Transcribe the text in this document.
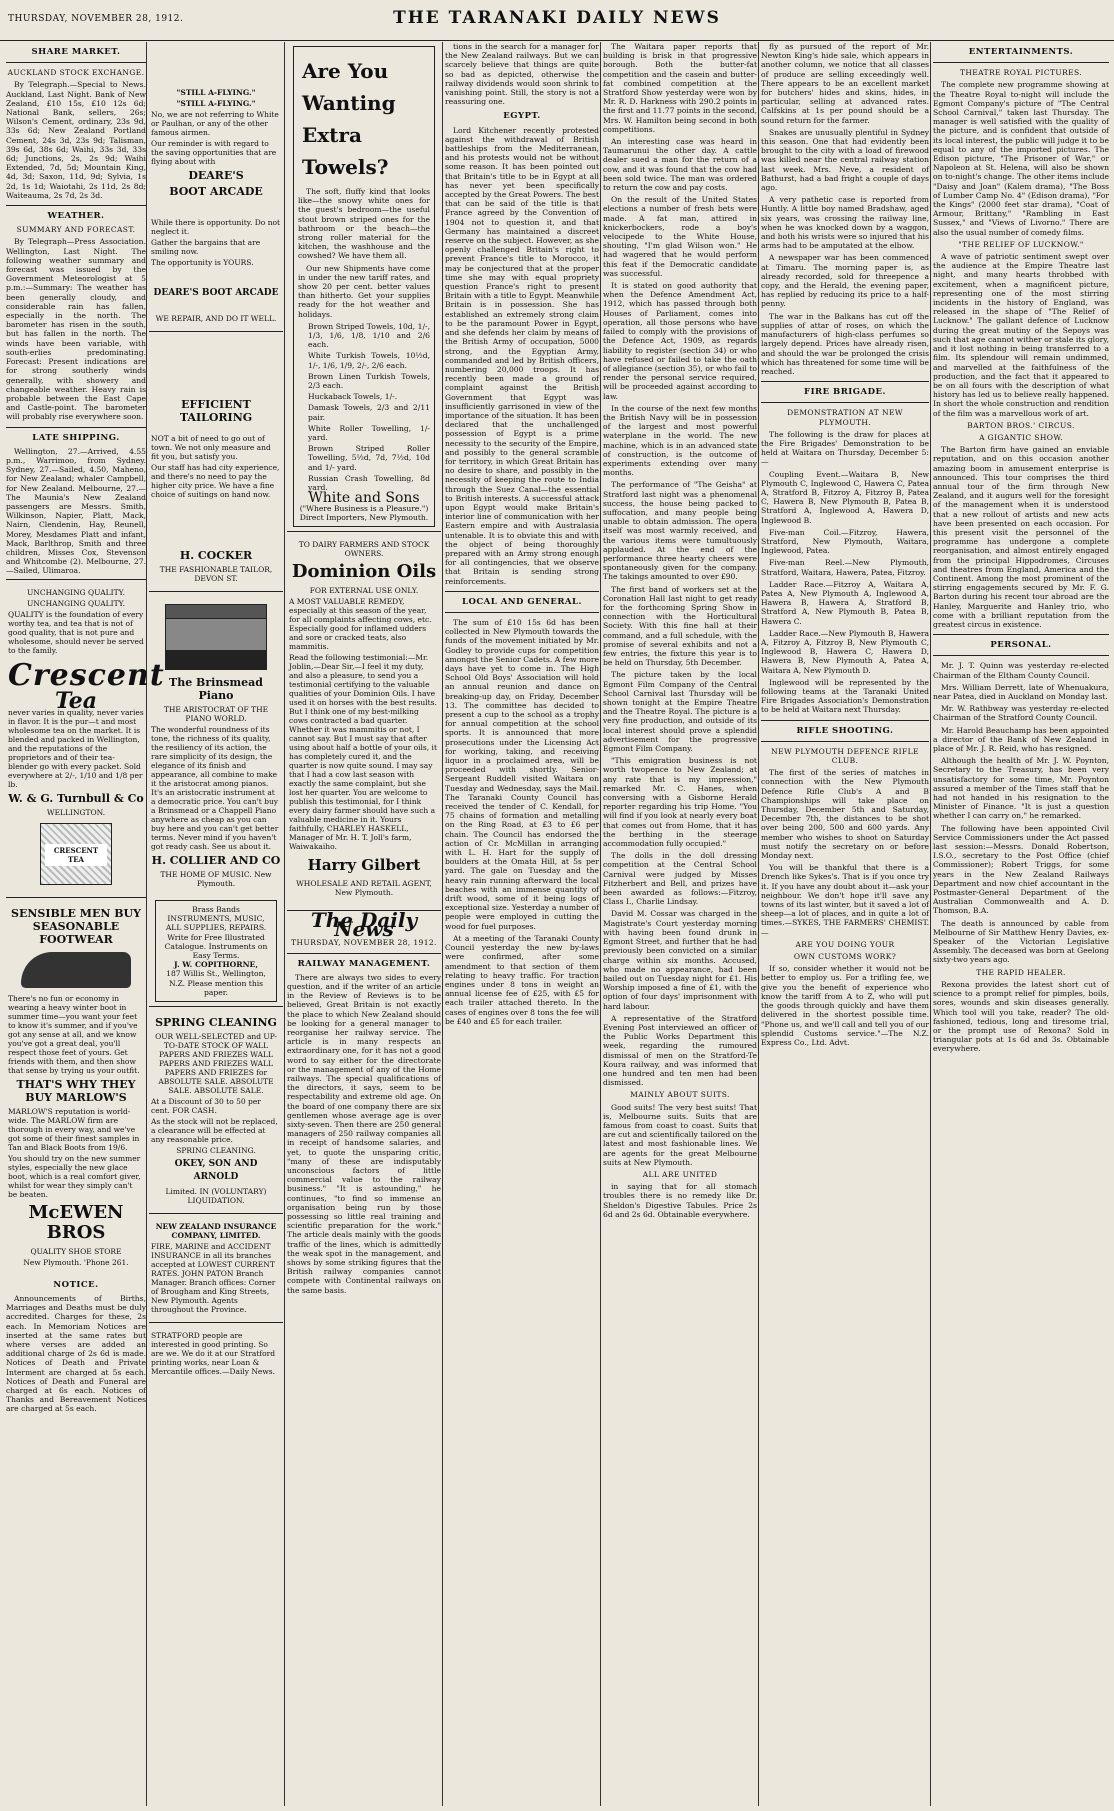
THURSDAY, NOVEMBER 28, 1912.	THE TARANAKI DAILY NEWS
SHARE MARKET.
AUCKLAND STOCK EXCHANGE.

By Telegraph.—Special to News. Auckland, Last Night. Bank of New Zealand, £10 15s, £10 12s 6d; National Bank, sellers, 26s; Wilson's Cement, ordinary, 23s 9d, 33s 6d; New Zealand Portland Cement, 24s 3d, 23s 9d; Talisman, 39s 6d, 38s 6d; Waihi, 33s 3d, 33s 6d; Junctions, 2s, 2s 9d; Waihi Extended, 7d, 5d; Mountain King, 4d, 3d; Saxon, 11d, 9d; Sylvia, 1s 2d, 1s 1d; Waiotahi, 2s 11d, 2s 8d; Waiteauma, 2s 7d, 2s 3d.

WEATHER.
SUMMARY AND FORECAST.

By Telegraph—Press Association. Wellington, Last Night. The following weather summary and forecast was issued by the Government Meteorologist at 5 p.m.:—Summary: The weather has been generally cloudy, and considerable rain has fallen, especially in the north. The barometer has risen in the south, but has fallen in the north. The winds have been variable, with south-erlies predominating. Forecast: Present indications are for strong southerly winds generally, with showery and changeable weather. Heavy rain is probable between the East Cape and Castle-point. The barometer will probably rise everywhere soon.

LATE SHIPPING.

Wellington, 27.—Arrived, 4.55 p.m., Warrimoo, from Sydney. Sydney, 27.—Sailed, 4.50, Maheno, for New Zealand; whaler Campbell, for New Zealand. Melbourne, 27.—The Maunia's New Zealand passengers are Messrs. Smith, Wilkinson, Napier, Platt, Mack, Nairn, Clendenin, Hay, Reunell, Morey, Mesdames Platt and infant, Mack, Barlthrop, Smith and three children, Misses Cox, Stevenson and Whitcombe (2). Melbourne, 27.—Sailed, Ulimaroa.

UNCHANGING QUALITY.
UNCHANGING QUALITY.
QUALITY is the foundation of every worthy tea, and tea that is not of good quality, that is not pure and wholesome, should never be served to the family.
Crescent
Tea
never varies in quality, never varies in flavor. It is the pur—t and most wholesome tea on the market. It is blended and packed in Wellington, and the reputations of the proprietors and of their tea-blender go with every packet. Sold everywhere at 2/-, 1/10 and 1/8 per lb.
W. & G. Turnbull & Co
WELLINGTON.
CRESCENT TEA
SENSIBLE MEN BUY SEASONABLE FOOTWEAR
There's no fun or economy in wearing a heavy winter boot in summer time—you want your feet to know it's summer, and if you've got any sense at all, and we know you've got a great deal, you'll respect those feet of yours. Get friends with them, and then show that sense by trying us your outfit.
THAT'S WHY THEY BUY MARLOW'S
MARLOW'S reputation is world-wide. The MARLOW firm are thorough in every way, and we've got some of their finest samples in Tan and Black Boots from 19/6.
You should try on the new summer styles, especially the new glace boot, which is a real comfort giver, whilst for wear they simply can't be beaten.
McEWEN BROS
QUALITY SHOE STORE
New Plymouth. 'Phone 261.
NOTICE.

Announcements of Births, Marriages and Deaths must be duly accredited. Charges for these, 2s each. In Memoriam Notices are inserted at the same rates but where verses are added an additional charge of 2s 6d is made. Notices of Death and Private Interment are charged at 5s each. Notices of Death and Funeral are charged at 6s each. Notices of Thanks and Bereavement Notices are charged at 5s each.

"STILL A-FLYING."
"STILL A-FLYING."
No, we are not referring to White or Paulhan, or any of the other famous airmen.
Our reminder is with regard to the saving opportunities that are flying about with
DEARE'S
BOOT ARCADE
While there is opportunity. Do not neglect it.
Gather the bargains that are smiling now.
The opportunity is YOURS.
DEARE'S BOOT ARCADE
WE REPAIR, AND DO IT WELL.
EFFICIENT TAILORING
NOT a bit of need to go out of town. We not only measure and fit you, but satisfy you.
Our staff has had city experience, and there's no need to pay the higher city price. We have a fine choice of suitings on hand now.
H. COCKER
THE FASHIONABLE TAILOR, DEVON ST.
The Brinsmead Piano
THE ARISTOCRAT OF THE PIANO WORLD.
The wonderful roundness of its tone, the richness of its quality, the resiliency of its action, the rare simplicity of its design, the elegance of its finish and appearance, all combine to make it the aristocrat among pianos. It's an aristocratic instrument at a democratic price. You can't buy a Brinsmead or a Chappell Piano anywhere as cheap as you can buy here and you can't get better terms. Never mind if you haven't got ready cash. See us about it.
H. COLLIER AND CO
THE HOME OF MUSIC. New Plymouth.
Brass Bands
INSTRUMENTS, MUSIC, ALL SUPPLIES, REPAIRS. Write for Free Illustrated Catalogue. Instruments on Easy Terms.
J. W. COPITHORNE,
187 Willis St., Wellington, N.Z. Please mention this paper.
SPRING CLEANING
OUR WELL-SELECTED and UP-TO-DATE STOCK OF WALL PAPERS AND FRIEZES WALL PAPERS AND FRIEZES WALL PAPERS AND FRIEZES for ABSOLUTE SALE. ABSOLUTE SALE. ABSOLUTE SALE.
At a Discount of 30 to 50 per cent. FOR CASH.
As the stock will not be replaced, a clearance will be effected at any reasonable price.
SPRING CLEANING.
OKEY, SON AND ARNOLD
Limited. IN (VOLUNTARY) LIQUIDATION.
NEW ZEALAND INSURANCE COMPANY, LIMITED.
FIRE, MARINE and ACCIDENT INSURANCE in all its branches accepted at LOWEST CURRENT RATES. JOHN PATON Branch Manager. Branch offices: Corner of Brougham and King Streets, New Plymouth. Agents throughout the Province.
STRATFORD people are interested in good printing. So are we. We do it at our Stratford printing works, near Loan & Mercantile offices.—Daily News.
Are You
Wanting
Extra
Towels?

The soft, fluffy kind that looks like—the snowy white ones for the guest's bedroom—the useful stout brown striped ones for the bathroom or the beach—the strong roller material for the kitchen, the washhouse and the cowshed? We have them all.

Our new Shipments have come in under the new tariff rates, and show 20 per cent. better values than hitherto. Get your supplies ready for the hot weather and holidays.

Brown Striped Towels, 10d, 1/-, 1/3, 1/6, 1/8, 1/10 and 2/6 each.

White Turkish Towels, 10½d, 1/-, 1/6, 1/9, 2/-, 2/6 each.

Brown Linen Turkish Towels, 2/3 each.

Huckaback Towels, 1/-.

Damask Towels, 2/3 and 2/11 pair.

White Roller Towelling, 1/-yard.

Brown Striped Roller Towelling, 5½d, 7d, 7½d, 10d and 1/- yard.

Russian Crash Towelling, 8d yard.

White and Sons
("Where Business is a Pleasure.")
Direct Importers, New Plymouth.
TO DAIRY FARMERS AND STOCK OWNERS.
Dominion Oils
FOR EXTERNAL USE ONLY.
A MOST VALUABLE REMEDY, especially at this season of the year, for all complaints affecting cows, etc. Especially good for inflamed udders and sore or cracked teats, also mammitis.
Read the following testimonial:—Mr. Joblin,—Dear Sir,—I feel it my duty, and also a pleasure, to send you a testimonial certifying to the valuable qualities of your Dominion Oils. I have used it on horses with the best results. But I think one of my best-milking cows contracted a bad quarter. Whether it was mammitis or not, I cannot say. But I must say that after using about half a bottle of your oils, it has completely cured it, and the quarter is now quite sound. I may say that I had a cow last season with exactly the same complaint, but she lost her quarter. You are welcome to publish this testimonial, for I think every dairy farmer should have such a valuable medicine in it. Yours faithfully, CHARLEY HASKELL, Manager of Mr. H. T. Joll's farm, Waiwakaiho.
Harry Gilbert
WHOLESALE AND RETAIL AGENT, New Plymouth.
The Daily News
THURSDAY, NOVEMBER 28, 1912.
RAILWAY MANAGEMENT.

There are always two sides to every question, and if the writer of an article in the Review of Reviews is to be believed, Great Britain is not exactly the place to which New Zealand should be looking for a general manager to reorganise her railway service. The article is in many respects an extraordinary one, for it has not a good word to say either for the directorate or the management of any of the Home railways. The special qualifications of the directors, it says, seem to be respectability and extreme old age. On the board of one company there are six gentlemen whose average age is over sixty-seven. Then there are 250 general managers of 250 railway companies all in receipt of handsome salaries, and yet, to quote the unsparing critic, "many of these are indisputably unconscious factors of little commercial value to the railway business." "It is astounding," he continues, "to find so immense an organisation being run by those possessing so little real training and scientific preparation for the work." The article deals mainly with the goods traffic of the lines, which is admittedly the weak spot in the management, and shows by some striking figures that the British railway companies cannot compete with Continental railways on the same basis.

tions in the search for a manager for the New Zealand railways. But we can scarcely believe that things are quite so bad as depicted, otherwise the railway dividends would soon shrink to vanishing point. Still, the story is not a reassuring one.

EGYPT.

Lord Kitchener recently protested against the withdrawal of British battleships from the Mediterranean, and his protests would not be without some reason. It has been pointed out that Britain's title to be in Egypt at all has never yet been specifically accepted by the Great Powers. The best that can be said of the title is that France agreed by the Convention of 1904 not to question it, and that Germany has maintained a discreet reserve on the subject. However, as she openly challenged Britain's right to prevent France's title to Morocco, it may be conjectured that at the proper time she may with equal propriety question France's right to present Britain with a title to Egypt. Meanwhile Britain is in possession. She has established an extremely strong claim to be the paramount Power in Egypt, and she defends her claim by means of the British Army of occupation, 5000 strong, and the Egyptian Army, commanded and led by British officers, numbering 20,000 troops. It has recently been made a ground of complaint against the British Government that Egypt was insufficiently garrisoned in view of the importance of the situation. It has been declared that the unchallenged possession of Egypt is a prime necessity to the security of the Empire, and possibly to the general scramble for territory, in which Great Britain has no desire to share, and possibly in the necessity of keeping the route to India through the Suez Canal—the essential to British interests. A successful attack upon Egypt would make Britain's interior line of communication with her Eastern empire and with Australasia untenable. It is to obviate this and with the object of being thoroughly prepared with an Army strong enough for all contingencies, that we observe that Britain is sending strong reinforcements.

LOCAL AND GENERAL.

The sum of £10 15s 6d has been collected in New Plymouth towards the funds of the movement initiated by Mr. Godley to provide cups for competition amongst the Senior Cadets. A few more days have yet to come in. The High School Old Boys' Association will hold an annual reunion and dance on breaking-up day, on Friday, December 13. The committee has decided to present a cup to the school as a trophy for annual competition at the school sports. It is announced that more prosecutions under the Licensing Act for working, taking, and receiving liquor in a proclaimed area, will be proceeded with shortly. Senior-Sergeant Ruddell visited Waitara on Tuesday and Wednesday, says the Mail. The Taranaki County Council has received the tender of C. Kendall, for 75 chains of formation and metalling on the Ring Road, at £3 to £6 per chain. The Council has endorsed the action of Cr. McMillan in arranging with L. H. Hart for the supply of boulders at the Omata Hill, at 5s per yard. The gale on Tuesday and the heavy rain running afterward the local beaches with an immense quantity of drift wood, some of it being logs of exceptional size. Yesterday a number of people were employed in cutting the wood for fuel purposes.

At a meeting of the Taranaki County Council yesterday the new by-laws were confirmed, after some amendment to that section of them relating to heavy traffic. For traction engines under 8 tons in weight an annual license fee of £25, with £5 for each trailer attached thereto. In the cases of engines over 8 tons the fee will be £40 and £5 for each trailer.

The Waitara paper reports that building is brisk in that progressive borough. Both the butter-fat competition and the casein and butter-fat combined competition at the Stratford Show yesterday were won by Mr. R. D. Harkness with 290.2 points in the first and 11.77 points in the second, Mrs. W. Hamilton being second in both competitions.

An interesting case was heard in Taumarunui the other day. A cattle dealer sued a man for the return of a cow, and it was found that the cow had been sold twice. The man was ordered to return the cow and pay costs.

On the result of the United States elections a number of fresh bets were made. A fat man, attired in knickerbockers, rode a boy's velocipede to the White House, shouting, "I'm glad Wilson won." He had wagered that he would perform this feat if the Democratic candidate was successful.

It is stated on good authority that when the Defence Amendment Act, 1912, which has passed through both Houses of Parliament, comes into operation, all those persons who have failed to comply with the provisions of the Defence Act, 1909, as regards liability to register (section 34) or who have refused or failed to take the oath of allegiance (section 35), or who fail to render the personal service required, will be proceeded against according to law.

In the course of the next few months the British Navy will be in possession of the largest and most powerful waterplane in the world. The new machine, which is in an advanced state of construction, is the outcome of experiments extending over many months.

The performance of "The Geisha" at Stratford last night was a phenomenal success, the house being packed to suffocation, and many people being unable to obtain admission. The opera itself was most warmly received, and the various items were tumultuously applauded. At the end of the performance three hearty cheers were spontaneously given for the company. The takings amounted to over £90.

The first band of workers set at the Coronation Hall last night to get ready for the forthcoming Spring Show in connection with the Horticultural Society. With this fine hall at their command, and a full schedule, with the promise of several exhibits and not a few entries, the fixture this year is to be held on Thursday, 5th December.

The picture taken by the local Egmont Film Company of the Central School Carnival last Thursday will be shown tonight at the Empire Theatre and the Theatre Royal. The picture is a very fine production, and outside of its local interest should prove a splendid advertisement for the progressive Egmont Film Company.

"This emigration business is not worth twopence to New Zealand; at any rate that is my impression," remarked Mr. C. Hanes, when conversing with a Gisborne Herald reporter regarding his trip Home. "You will find if you look at nearly every boat that comes out from Home, that it has the berthing in the steerage accommodation fully occupied."

The dolls in the doll dressing competition at the Central School Carnival were judged by Misses Fitzherbert and Bell, and prizes have been awarded as follows:—Fitzroy, Class I., Charlie Lindsay.

David M. Cossar was charged in the Magistrate's Court yesterday morning with having been found drunk in Egmont Street, and further that he had previously been convicted on a similar charge within six months. Accused, who made no appearance, had been bailed out on Tuesday night for £1. His Worship imposed a fine of £1, with the option of four days' imprisonment with hard labour.

A representative of the Stratford Evening Post interviewed an officer of the Public Works Department this week, regarding the rumoured dismissal of men on the Stratford-Te Koura railway, and was informed that one hundred and ten men had been dismissed.

MAINLY ABOUT SUITS.

Good suits! The very best suits! That is, Melbourne suits. Suits that are famous from coast to coast. Suits that are cut and scientifically tailored on the latest and most fashionable lines. We are agents for the great Melbourne suits at New Plymouth.

ALL ARE UNITED

in saying that for all stomach troubles there is no remedy like Dr. Sheldon's Digestive Tabules. Price 2s 6d and 2s 6d. Obtainable everywhere.

fly as pursued of the report of Mr. Newton King's hide sale, which appears in another column, we notice that all classes of produce are selling exceedingly well. There appears to be an excellent market for butchers' hides and skins, hides, in particular, selling at advanced rates. Calfskins at 1s per pound should be a sound return for the farmer.

Snakes are unusually plentiful in Sydney this season. One that had evidently been brought to the city with a load of firewood was killed near the central railway station last week. Mrs. Neve, a resident of Bathurst, had a bad fright a couple of days ago.

A very pathetic case is reported from Huntly. A little boy named Bradshaw, aged six years, was crossing the railway line, when he was knocked down by a waggon, and both his wrists were so injured that his arms had to be amputated at the elbow.

A newspaper war has been commenced at Timaru. The morning paper is, as already recorded, sold for threepence a copy, and the Herald, the evening paper, has replied by reducing its price to a half-penny.

The war in the Balkans has cut off the supplies of attar of roses, on which the manufacturers of high-class perfumes so largely depend. Prices have already risen, and should the war be prolonged the crisis which has threatened for some time will be reached.

FIRE BRIGADE.
DEMONSTRATION AT NEW PLYMOUTH.

The following is the draw for places at the Fire Brigades' Demonstration to be held at Waitara on Thursday, December 5:—

Coupling Event.—Waitara B, New Plymouth C, Inglewood C, Hawera C, Patea A, Stratford B, Fitzroy A, Fitzroy B, Patea C, Hawera B, New Plymouth B, Patea B, Stratford A, Inglewood A, Hawera D, Inglewood B.

Five-man Coil.—Fitzroy, Hawera, Stratford, New Plymouth, Waitara, Inglewood, Patea.

Five-man Reel.—New Plymouth, Stratford, Waitara, Hawera, Patea, Fitzroy.

Ladder Race.—Fitzroy A, Waitara A, Patea A, New Plymouth A, Inglewood A, Hawera B, Hawera A, Stratford B, Stratford A, New Plymouth B, Patea B, Hawera C.

Ladder Race.—New Plymouth B, Hawera A, Fitzroy A, Fitzroy B, New Plymouth C, Inglewood B, Hawera C, Hawera D, Hawera B, New Plymouth A, Patea A, Waitara A, New Plymouth D.

Inglewood will be represented by the following teams at the Taranaki United Fire Brigades Association's Demonstration to be held at Waitara next Thursday.

RIFLE SHOOTING.
NEW PLYMOUTH DEFENCE RIFLE CLUB.

The first of the series of matches in connection with the New Plymouth Defence Rifle Club's A and B Championships will take place on Thursday, December 5th and Saturday, December 7th, the distances to be shot over being 200, 500 and 600 yards. Any member who wishes to shoot on Saturday must notify the secretary on or before Monday next.

You will be thankful that there is a Drench like Sykes's. That is if you once try it. If you have any doubt about it—ask your neighbour. We don't hope it'll save any towns of its last winter, but it saved a lot of sheep—a lot of places, and in quite a lot of times.—SYKES, THE FARMERS' CHEMIST.—

ARE YOU DOING YOUR
OWN CUSTOMS WORK?

If so, consider whether it would not be better to employ us. For a trifling fee, we give you the benefit of experience who know the tariff from A to Z, who will put the goods through quickly and have them delivered in the shortest possible time. "Phone us, and we'll call and tell you of our splendid Customs service."—The N.Z. Express Co., Ltd. Advt.

ENTERTAINMENTS.
THEATRE ROYAL PICTURES.

The complete new programme showing at the Theatre Royal to-night will include the Egmont Company's picture of "The Central School Carnival," taken last Thursday. The manager is well satisfied with the quality of the picture, and is confident that outside of its local interest, the public will judge it to be equal to any of the imported pictures. The Edison picture, "The Prisoner of War," or Napoleon at St. Helena, will also be shown on to-night's change. The other items include "Daisy and Joan" (Kalem drama), "The Boss of Lumber Camp No. 4" (Edison drama), "For the Kings" (2000 feet star drama), "Coat of Armour, Brittany," "Rambling in East Sussex," and "Views of Livorno." There are also the usual number of comedy films.

"THE RELIEF OF LUCKNOW."

A wave of patriotic sentiment swept over the audience at the Empire Theatre last night, and many hearts throbbed with excitement, when a magnificent picture, representing one of the most stirring incidents in the history of England, was released in the shape of "The Relief of Lucknow." The gallant defence of Lucknow during the great mutiny of the Sepoys was such that age cannot wither or stale its glory, and it lost nothing in being transferred to a film. Its splendour will remain undimmed, and marvelled at the faithfulness of the production, and the fact that it appeared to be on all fours with the description of what history has led us to believe really happened. In short the whole construction and rendition of the film was a marvellous work of art.

BARTON BROS.' CIRCUS.
A GIGANTIC SHOW.

The Barton firm have gained an enviable reputation, and on this occasion another amazing boom in amusement enterprise is announced. This tour comprises the third annual tour of the firm through New Zealand, and it augurs well for the foresight of the management when it is understood that a new rollout of artists and new acts have been presented on each occasion. For this present visit the personnel of the programme has undergone a complete reorganisation, and almost entirely engaged from the principal Hippodromes, Circuses and theatres from England, America and the Continent. Among the most prominent of the stirring engagements secured by Mr. F. G. Barton during his recent tour abroad are the Hanley, Marguerite and Hanley trio, who come with a brilliant reputation from the greatest circus in existence.

PERSONAL.

Mr. J. T. Quinn was yesterday re-elected Chairman of the Eltham County Council.

Mrs. William Derrett, late of Whenuakura, near Patea, died in Auckland on Monday last.

Mr. W. Rathbway was yesterday re-elected Chairman of the Stratford County Council.

Mr. Harold Beauchamp has been appointed a director of the Bank of New Zealand in place of Mr. J. R. Reid, who has resigned.

Although the health of Mr. J. W. Poynton, Secretary to the Treasury, has been very unsatisfactory for some time, Mr. Poynton assured a member of the Times staff that he had not handed in his resignation to the Minister of Finance. "It is just a question whether I can carry on," he remarked.

The following have been appointed Civil Service Commissioners under the Act passed last session:—Messrs. Donald Robertson, I.S.O., secretary to the Post Office (chief Commissioner); Robert Triggs, for some years in the New Zealand Railways Department and now chief accountant in the Postmaster-General Department of the Australian Commonwealth and A. D. Thomson, B.A.

The death is announced by cable from Melbourne of Sir Matthew Henry Davies, ex-Speaker of the Victorian Legislative Assembly. The deceased was born at Geelong sixty-two years ago.

THE RAPID HEALER.

Rexona provides the latest short cut of science to a prompt relief for pimples, boils, sores, wounds and skin diseases generally. Which tool will you take, reader? The old-fashioned, tedious, long and tiresome trial, or the prompt use of Rexona? Sold in triangular pots at 1s 6d and 3s. Obtainable everywhere.
